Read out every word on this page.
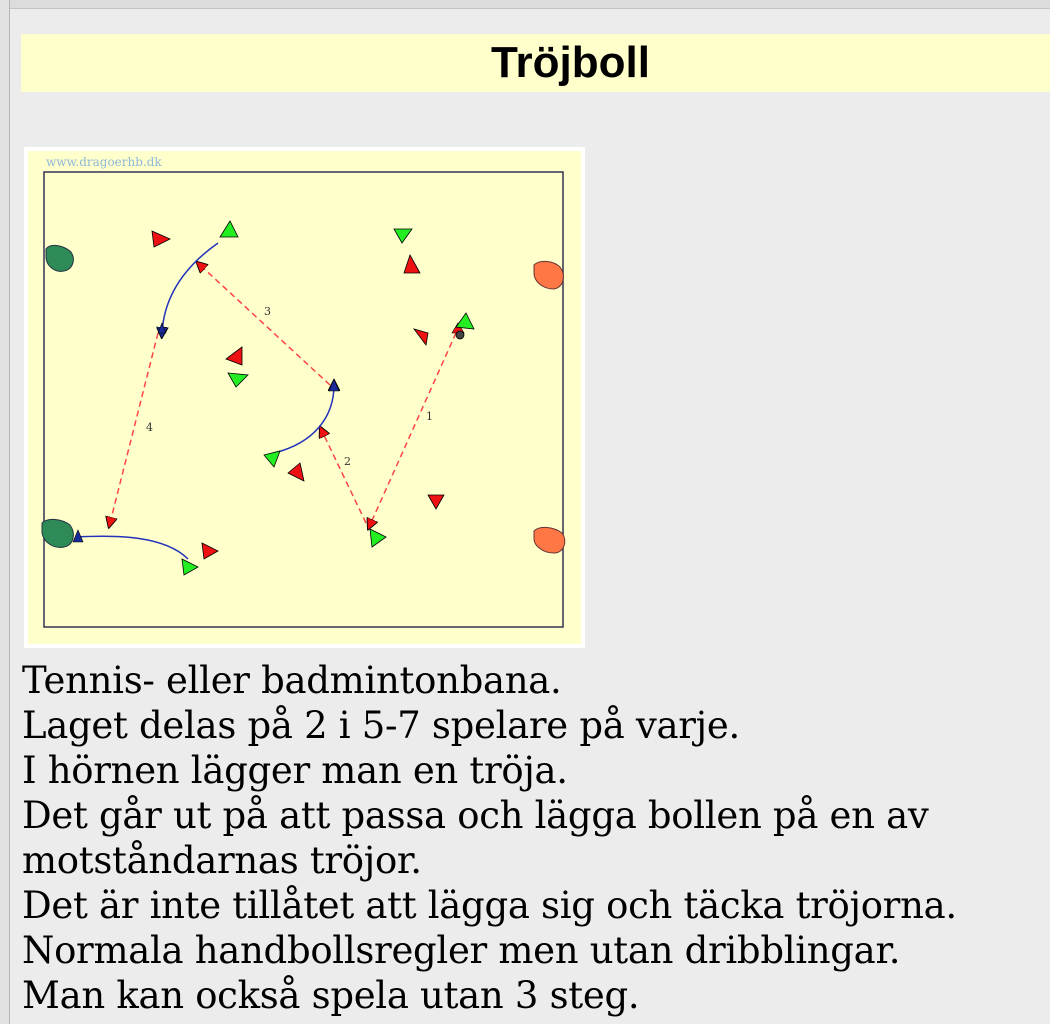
Tröjboll
www.dragoerhb.dk
1
2
3
4
Tennis- eller badmintonbana.
Laget delas på 2 i 5-7 spelare på varje.
I hörnen lägger man en tröja.
Det går ut på att passa och lägga bollen på en av
motståndarnas tröjor.
Det är inte tillåtet att lägga sig och täcka tröjorna.
Normala handbollsregler men utan dribblingar.
Man kan också spela utan 3 steg.
